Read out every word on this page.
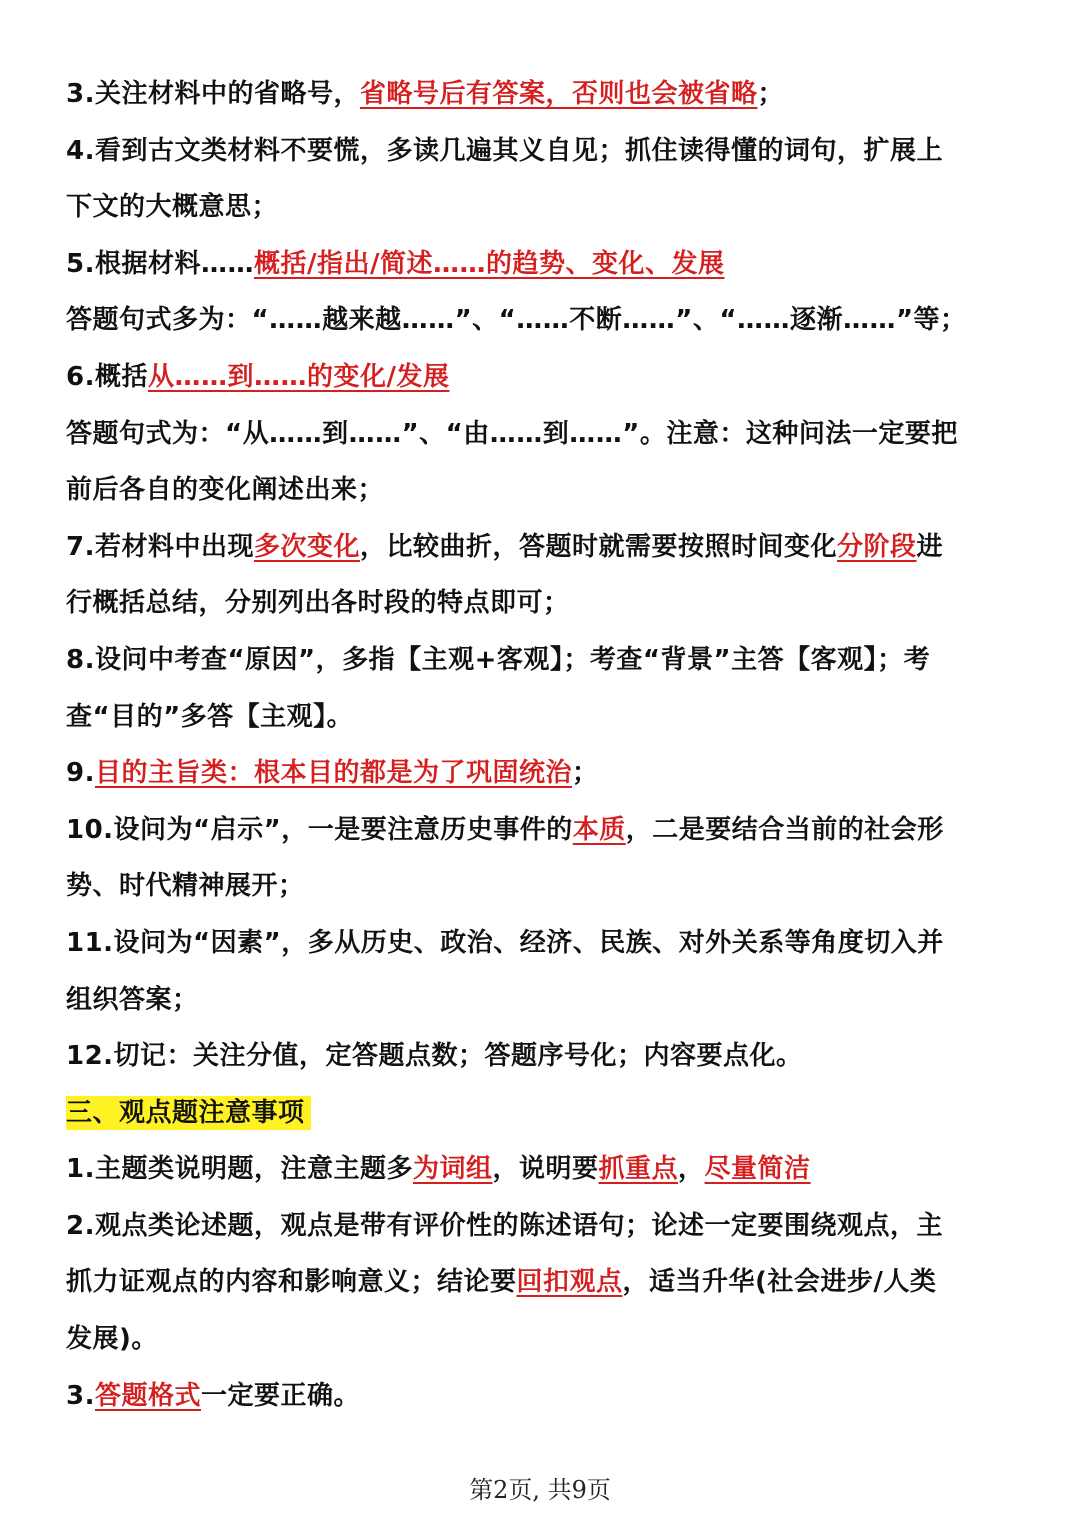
3.关注材料中的省略号，省略号后有答案，否则也会被省略；
4.看到古文类材料不要慌，多读几遍其义自见；抓住读得懂的词句，扩展上
下文的大概意思；
5.根据材料……概括/指出/简述……的趋势、变化、发展
答题句式多为：“……越来越……”、“……不断……”、“……逐渐……”等；
6.概括从……到……的变化/发展
答题句式为：“从……到……”、“由……到……”。注意：这种问法一定要把
前后各自的变化阐述出来；
7.若材料中出现多次变化，比较曲折，答题时就需要按照时间变化分阶段进
行概括总结，分别列出各时段的特点即可；
8.设问中考查“原因”，多指【主观+客观】；考查“背景”主答【客观】；考
查“目的”多答【主观】。
9.目的主旨类：根本目的都是为了巩固统治；
10.设问为“启示”，一是要注意历史事件的本质，二是要结合当前的社会形
势、时代精神展开；
11.设问为“因素”，多从历史、政治、经济、民族、对外关系等角度切入并
组织答案；
12.切记：关注分值，定答题点数；答题序号化；内容要点化。
三、观点题注意事项
1.主题类说明题，注意主题多为词组，说明要抓重点，尽量简洁
2.观点类论述题，观点是带有评价性的陈述语句；论述一定要围绕观点，主
抓力证观点的内容和影响意义；结论要回扣观点，适当升华(社会进步/人类
发展)。
3.答题格式一定要正确。
第2页, 共9页
